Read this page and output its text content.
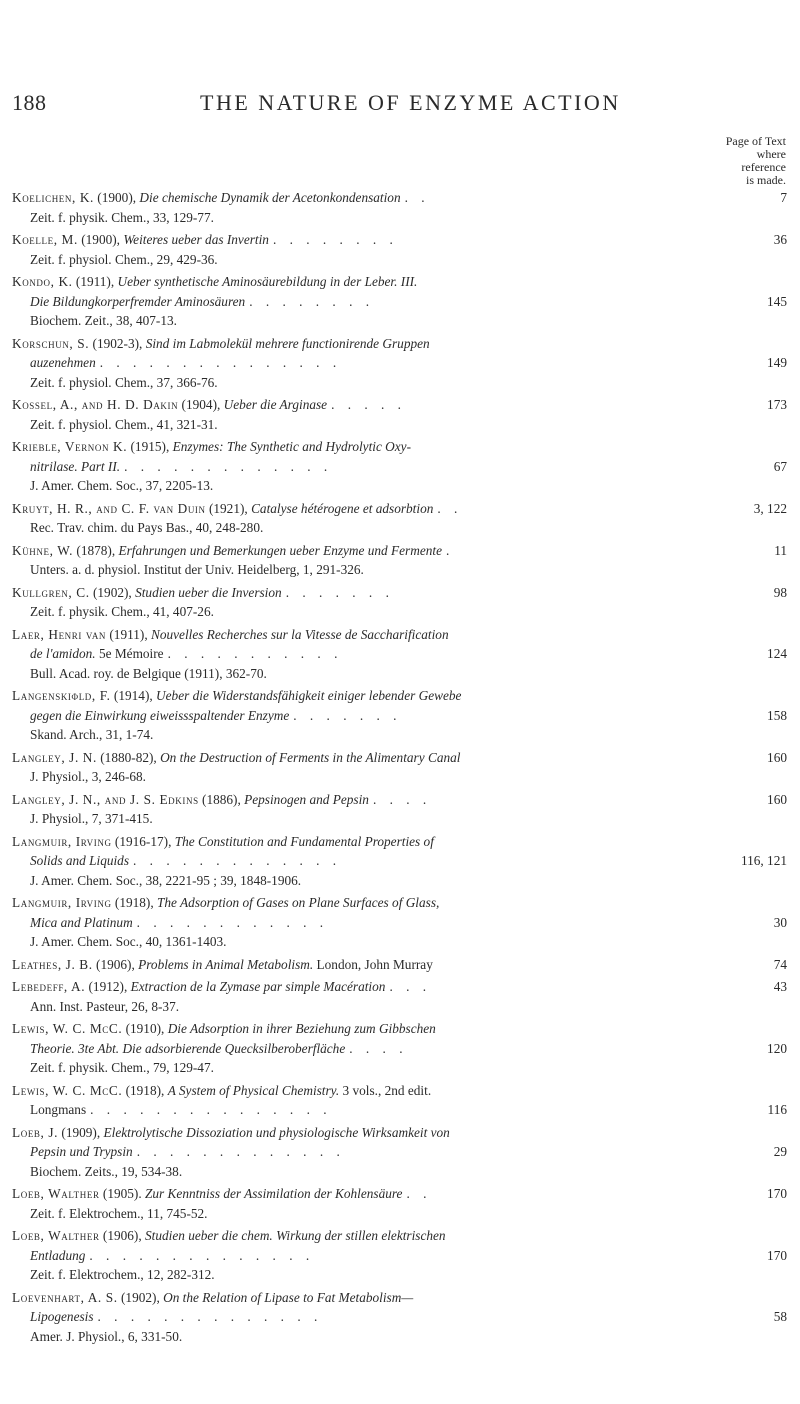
188	THE NATURE OF ENZYME ACTION
Page of Text
where
reference
is made.
Koelichen, K. (1900), Die chemische Dynamik der Acetonkondensation . .	7
Zeit. f. physik. Chem., 33, 129-77.
Koelle, M. (1900), Weiteres ueber das Invertin . . . . . . . .	36
Zeit. f. physiol. Chem., 29, 429-36.
Kondo, K. (1911), Ueber synthetische Aminosäurebildung in der Leber. III.
Die Bildungkorperfremder Aminosäuren . . . . . . . .	145
Biochem. Zeit., 38, 407-13.
Korschun, S. (1902-3), Sind im Labmolekül mehrere functionirende Gruppen
auzenehmen . . . . . . . . . . . . . . .	149
Zeit. f. physiol. Chem., 37, 366-76.
Kossel, A., and H. D. Dakin (1904), Ueber die Arginase . . . . .	173
Zeit. f. physiol. Chem., 41, 321-31.
Krieble, Vernon K. (1915), Enzymes: The Synthetic and Hydrolytic Oxy-
nitrilase. Part II. . . . . . . . . . . . . .	67
J. Amer. Chem. Soc., 37, 2205-13.
Kruyt, H. R., and C. F. van Duin (1921), Catalyse hétérogene et adsorbtion . .	3, 122
Rec. Trav. chim. du Pays Bas., 40, 248-280.
Kühne, W. (1878), Erfahrungen und Bemerkungen ueber Enzyme und Fermente .	11
Unters. a. d. physiol. Institut der Univ. Heidelberg, 1, 291-326.
Kullgren, C. (1902), Studien ueber die Inversion . . . . . . .	98
Zeit. f. physik. Chem., 41, 407-26.
Laer, Henri van (1911), Nouvelles Recherches sur la Vitesse de Saccharification
de l'amidon. 5e Mémoire . . . . . . . . . . .	124
Bull. Acad. roy. de Belgique (1911), 362-70.
Langenskiφld, F. (1914), Ueber die Widerstandsfähigkeit einiger lebender Gewebe
gegen die Einwirkung eiweissspaltender Enzyme . . . . . . .	158
Skand. Arch., 31, 1-74.
Langley, J. N. (1880-82), On the Destruction of Ferments in the Alimentary Canal	160
J. Physiol., 3, 246-68.
Langley, J. N., and J. S. Edkins (1886), Pepsinogen and Pepsin . . . .	160
J. Physiol., 7, 371-415.
Langmuir, Irving (1916-17), The Constitution and Fundamental Properties of
Solids and Liquids . . . . . . . . . . . . .	116, 121
J. Amer. Chem. Soc., 38, 2221-95 ; 39, 1848-1906.
Langmuir, Irving (1918), The Adsorption of Gases on Plane Surfaces of Glass,
Mica and Platinum . . . . . . . . . . . .	30
J. Amer. Chem. Soc., 40, 1361-1403.
Leathes, J. B. (1906), Problems in Animal Metabolism. London, John Murray	74
Lebedeff, A. (1912), Extraction de la Zymase par simple Macération . . .	43
Ann. Inst. Pasteur, 26, 8-37.
Lewis, W. C. McC. (1910), Die Adsorption in ihrer Beziehung zum Gibbschen
Theorie. 3te Abt. Die adsorbierende Quecksilberoberfläche . . . .	120
Zeit. f. physik. Chem., 79, 129-47.
Lewis, W. C. McC. (1918), A System of Physical Chemistry. 3 vols., 2nd edit.
Longmans . . . . . . . . . . . . . . .	116
Loeb, J. (1909), Elektrolytische Dissoziation und physiologische Wirksamkeit von
Pepsin und Trypsin . . . . . . . . . . . . .	29
Biochem. Zeits., 19, 534-38.
Loeb, Walther (1905). Zur Kenntniss der Assimilation der Kohlensäure . .	170
Zeit. f. Elektrochem., 11, 745-52.
Loeb, Walther (1906), Studien ueber die chem. Wirkung der stillen elektrischen
Entladung . . . . . . . . . . . . . .	170
Zeit. f. Elektrochem., 12, 282-312.
Loevenhart, A. S. (1902), On the Relation of Lipase to Fat Metabolism—
Lipogenesis . . . . . . . . . . . . . .	58
Amer. J. Physiol., 6, 331-50.
